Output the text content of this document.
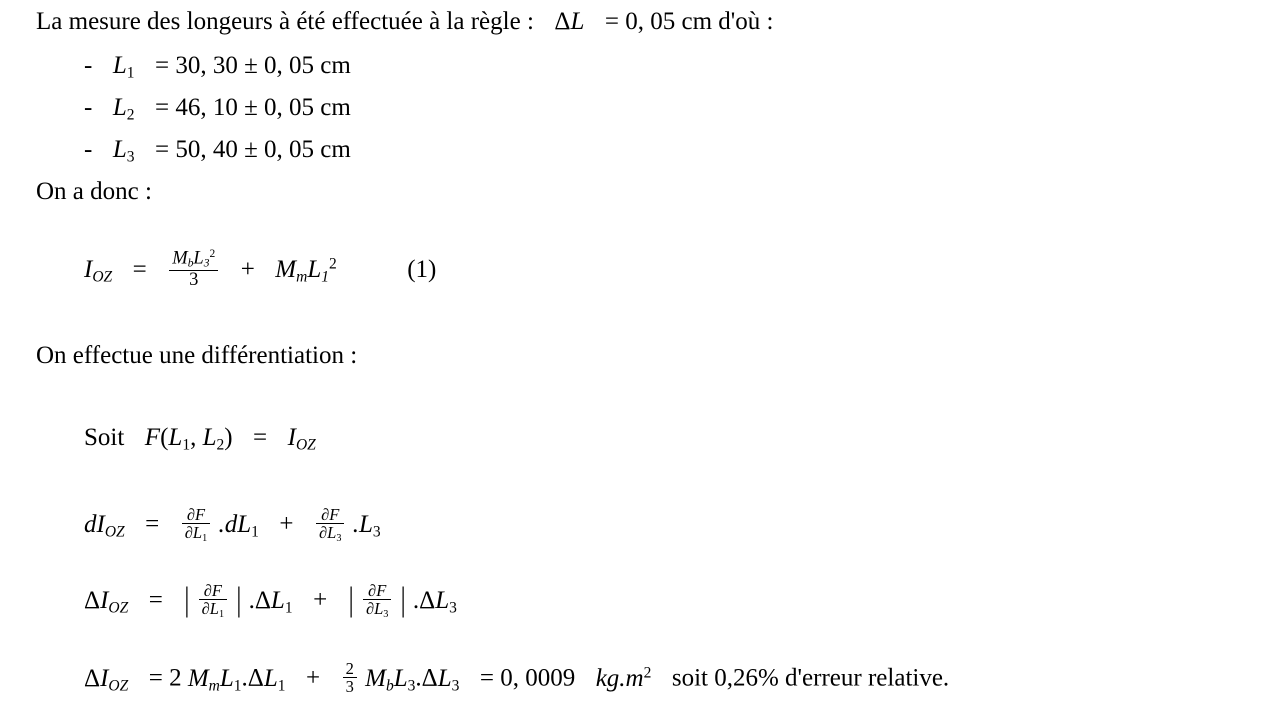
La mesure des longeurs à été effectuée à la règle : ΔL = 0, 05 cm d'où :
- $L_1 = 30$, 30 ± 0, 05 cm
- $L_2 = 46$, 10 ± 0, 05 cm
- $L_3 = 50$, 40 ± 0, 05 cm
On a donc :
$I_{OZ} = \frac{M_bL_3^2}{3} + M_mL_1^2$	(1)
On effectue une différentiation :
Soit $F(L_1$, $L_2) = I_{OZ}$
$dI_{OZ} = \frac{\partial F}{\partial L_1} .dL_1 + \frac{\partial F}{\partial L_3} .L_3$
$\Delta I_{OZ}$ = | $\frac{\partial F}{\partial L_1}$ | $.\Delta L_1$ + | $\frac{\partial F}{\partial L_3}$ | $.\Delta L_3$
$\Delta I_{OZ} = 2$ $M_mL_1.\Delta L_1 + \frac{2}{3} M_bL_3.\Delta L_3 = 0$, 0009 $kg.m^2$ soit 0,26% d'erreur relative.
